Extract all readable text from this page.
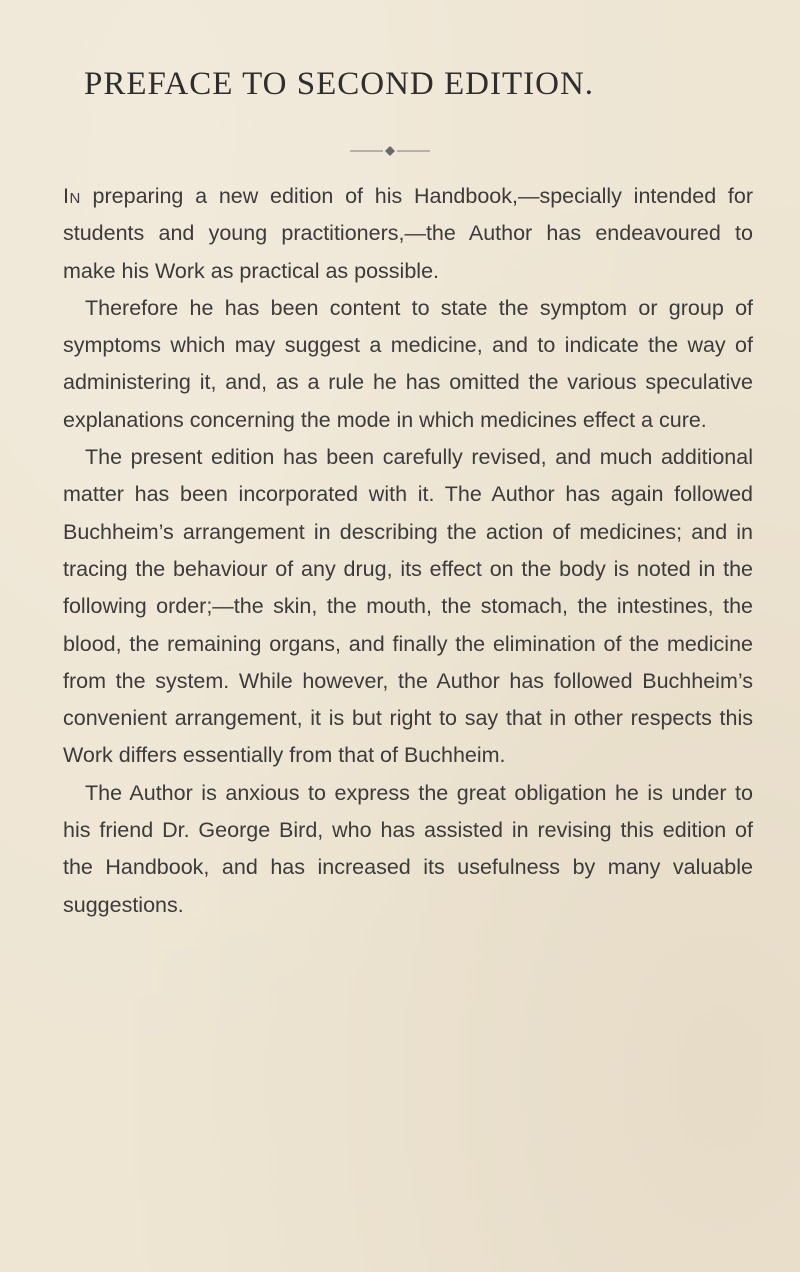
PREFACE TO SECOND EDITION.

In preparing a new edition of his Handbook,—specially intended for students and young practitioners,—the Author has endeavoured to make his Work as practical as possible.

Therefore he has been content to state the symptom or group of symptoms which may suggest a medicine, and to indicate the way of administering it, and, as a rule he has omitted the various speculative explanations concerning the mode in which medicines effect a cure.

The present edition has been carefully revised, and much additional matter has been incorporated with it. The Author has again followed Buchheim’s arrangement in describing the action of medicines; and in tracing the behaviour of any drug, its effect on the body is noted in the following order;—the skin, the mouth, the stomach, the intestines, the blood, the remaining organs, and finally the elimination of the medicine from the system. While however, the Author has followed Buchheim’s convenient arrangement, it is but right to say that in other respects this Work differs essentially from that of Buchheim.

The Author is anxious to express the great obligation he is under to his friend Dr. George Bird, who has assisted in revising this edition of the Handbook, and has increased its usefulness by many valuable suggestions.
